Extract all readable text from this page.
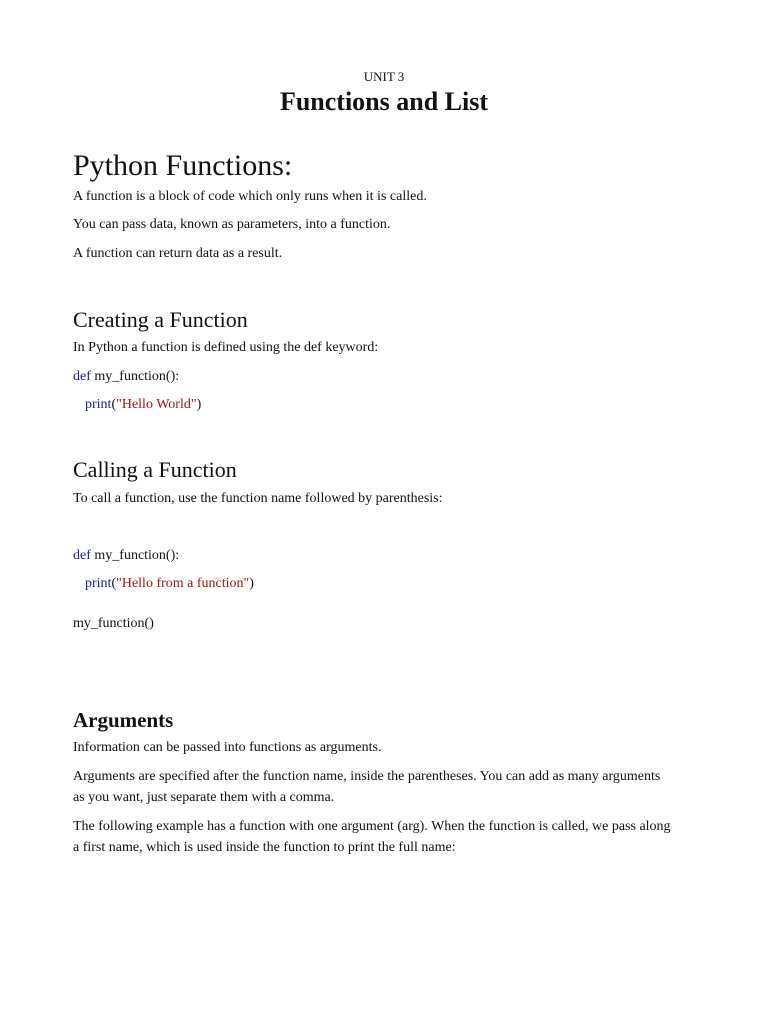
UNIT 3
Functions and List
Python Functions:

A function is a block of code which only runs when it is called.

You can pass data, known as parameters, into a function.

A function can return data as a result.

Creating a Function

In Python a function is defined using the def keyword:

def my_function():
print("Hello World")
Calling a Function

To call a function, use the function name followed by parenthesis:

def my_function():
print("Hello from a function")
my_function()
Arguments

Information can be passed into functions as arguments.

Arguments are specified after the function name, inside the parentheses. You can add as many arguments as you want, just separate them with a comma.

The following example has a function with one argument (arg). When the function is called, we pass along a first name, which is used inside the function to print the full name:
